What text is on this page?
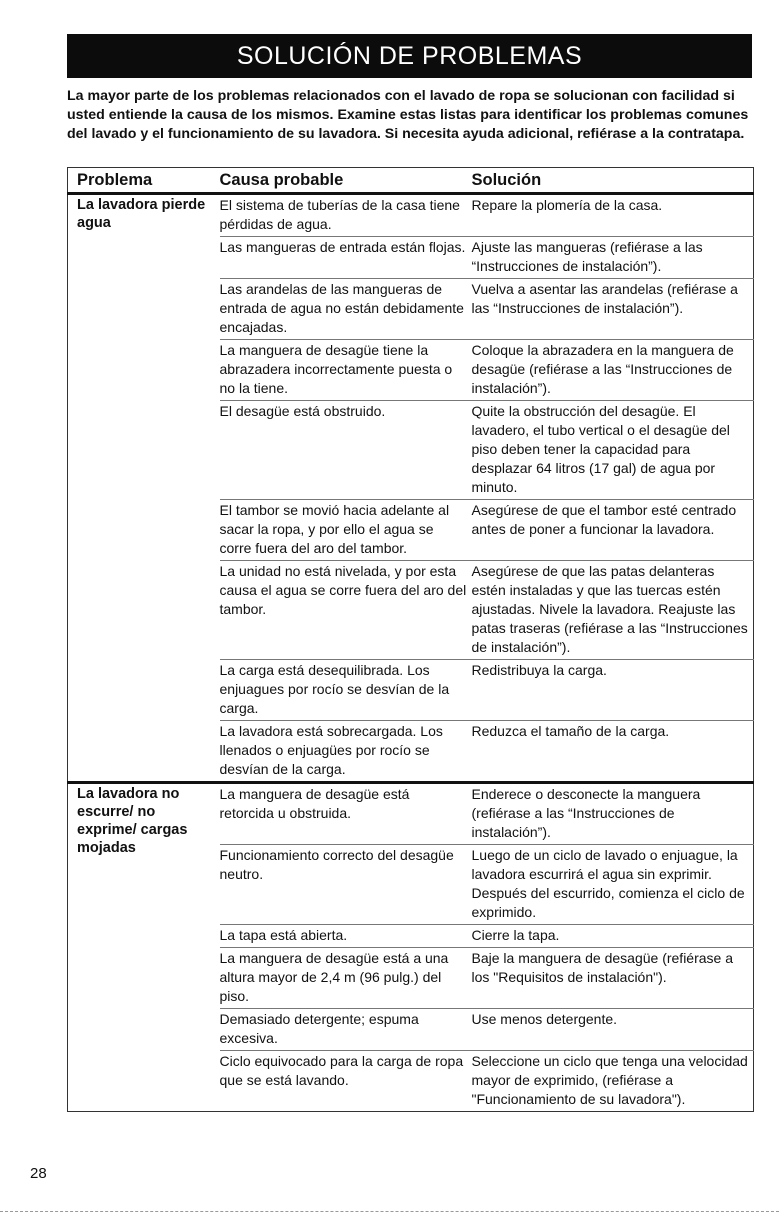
SOLUCIÓN DE PROBLEMAS
La mayor parte de los problemas relacionados con el lavado de ropa se solucionan con facilidad si usted entiende la causa de los mismos. Examine estas listas para identificar los problemas comunes del lavado y el funcionamiento de su lavadora. Si necesita ayuda adicional, refiérase a la contratapa.
Problema	Causa probable	Solución
La lavadora pierde agua	El sistema de tuberías de la casa tiene pérdidas de agua.	Repare la plomería de la casa.
	Las mangueras de entrada están flojas.	Ajuste las mangueras (refiérase a las “Instrucciones de instalación”).
	Las arandelas de las mangueras de entrada de agua no están debidamente encajadas.	Vuelva a asentar las arandelas (refiérase a las “Instrucciones de instalación”).
	La manguera de desagüe tiene la abrazadera incorrectamente puesta o no la tiene.	Coloque la abrazadera en la manguera de desagüe (refiérase a las “Instrucciones de instalación”).
	El desagüe está obstruido.	Quite la obstrucción del desagüe. El lavadero, el tubo vertical o el desagüe del piso deben tener la capacidad para desplazar 64 litros (17 gal) de agua por minuto.
	El tambor se movió hacia adelante al sacar la ropa, y por ello el agua se corre fuera del aro del tambor.	Asegúrese de que el tambor esté centrado antes de poner a funcionar la lavadora.
	La unidad no está nivelada, y por esta causa el agua se corre fuera del aro del tambor.	Asegúrese de que las patas delanteras estén instaladas y que las tuercas estén ajustadas. Nivele la lavadora. Reajuste las patas traseras (refiérase a las “Instrucciones de instalación”).
	La carga está desequilibrada. Los enjuagues por rocío se desvían de la carga.	Redistribuya la carga.
	La lavadora está sobrecargada. Los llenados o enjuagües por rocío se desvían de la carga.	Reduzca el tamaño de la carga.
La lavadora no escurre/ no exprime/ cargas mojadas	La manguera de desagüe está retorcida u obstruida.	Enderece o desconecte la manguera (refiérase a las “Instrucciones de instalación”).
	Funcionamiento correcto del desagüe neutro.	Luego de un ciclo de lavado o enjuague, la lavadora escurrirá el agua sin exprimir. Después del escurrido, comienza el ciclo de exprimido.
	La tapa está abierta.	Cierre la tapa.
	La manguera de desagüe está a una altura mayor de 2,4 m (96 pulg.) del piso.	Baje la manguera de desagüe (refiérase a los "Requisitos de instalación").
	Demasiado detergente; espuma excesiva.	Use menos detergente.
	Ciclo equivocado para la carga de ropa que se está lavando.	Seleccione un ciclo que tenga una velocidad mayor de exprimido, (refiérase a "Funcionamiento de su lavadora").
28
